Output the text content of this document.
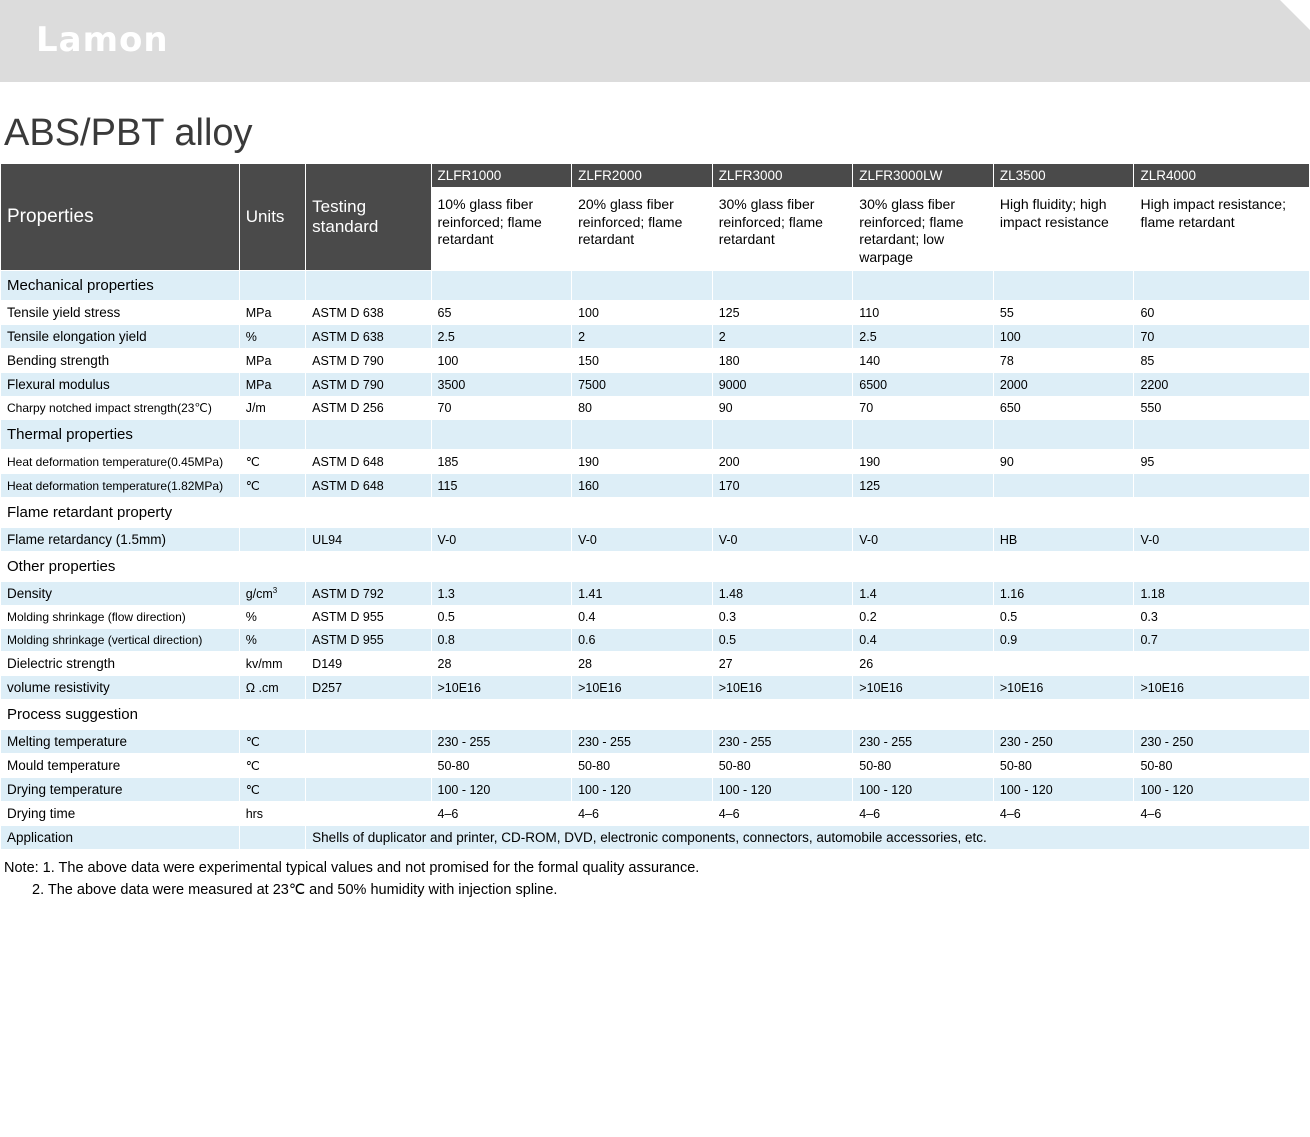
Lamon
ABS/PBT alloy
Properties	Units	Testing standard	ZLFR1000	ZLFR2000	ZLFR3000	ZLFR3000LW	ZL3500	ZLR4000
			10% glass fiber reinforced; flame retardant	20% glass fiber reinforced; flame retardant	30% glass fiber reinforced; flame retardant	30% glass fiber reinforced; flame retardant; low warpage	High fluidity; high impact resistance	High impact resistance; flame retardant
Mechanical properties								
Tensile yield stress	MPa	ASTM D 638	65	100	125	110	55	60
Tensile elongation yield	%	ASTM D 638	2.5	2	2	2.5	100	70
Bending strength	MPa	ASTM D 790	100	150	180	140	78	85
Flexural modulus	MPa	ASTM D 790	3500	7500	9000	6500	2000	2200
Charpy notched impact strength(23℃)	J/m	ASTM D 256	70	80	90	70	650	550
Thermal properties								
Heat deformation temperature(0.45MPa)	℃	ASTM D 648	185	190	200	190	90	95
Heat deformation temperature(1.82MPa)	℃	ASTM D 648	115	160	170	125		
Flame retardant property								
Flame retardancy (1.5mm)		UL94	V-0	V-0	V-0	V-0	HB	V-0
Other properties								
Density	$g/cm^3$	ASTM D 792	1.3	1.41	1.48	1.4	1.16	1.18
Molding shrinkage (flow direction)	%	ASTM D 955	0.5	0.4	0.3	0.2	0.5	0.3
Molding shrinkage (vertical direction)	%	ASTM D 955	0.8	0.6	0.5	0.4	0.9	0.7
Dielectric strength	kv/mm	D149	28	28	27	26		
volume resistivity	Ω .cm	D257	>10E16	>10E16	>10E16	>10E16	>10E16	>10E16
Process suggestion								
Melting temperature	℃		230 - 255	230 - 255	230 - 255	230 - 255	230 - 250	230 - 250
Mould temperature	℃		50-80	50-80	50-80	50-80	50-80	50-80
Drying temperature	℃		100 - 120	100 - 120	100 - 120	100 - 120	100 - 120	100 - 120
Drying time	hrs		4–6	4–6	4–6	4–6	4–6	4–6
Application		Shells of duplicator and printer, CD-ROM, DVD, electronic components, connectors, automobile accessories, etc.						
Note: 1. The above data were experimental typical values and not promised for the formal quality assurance.
2. The above data were measured at 23℃ and 50% humidity with injection spline.
